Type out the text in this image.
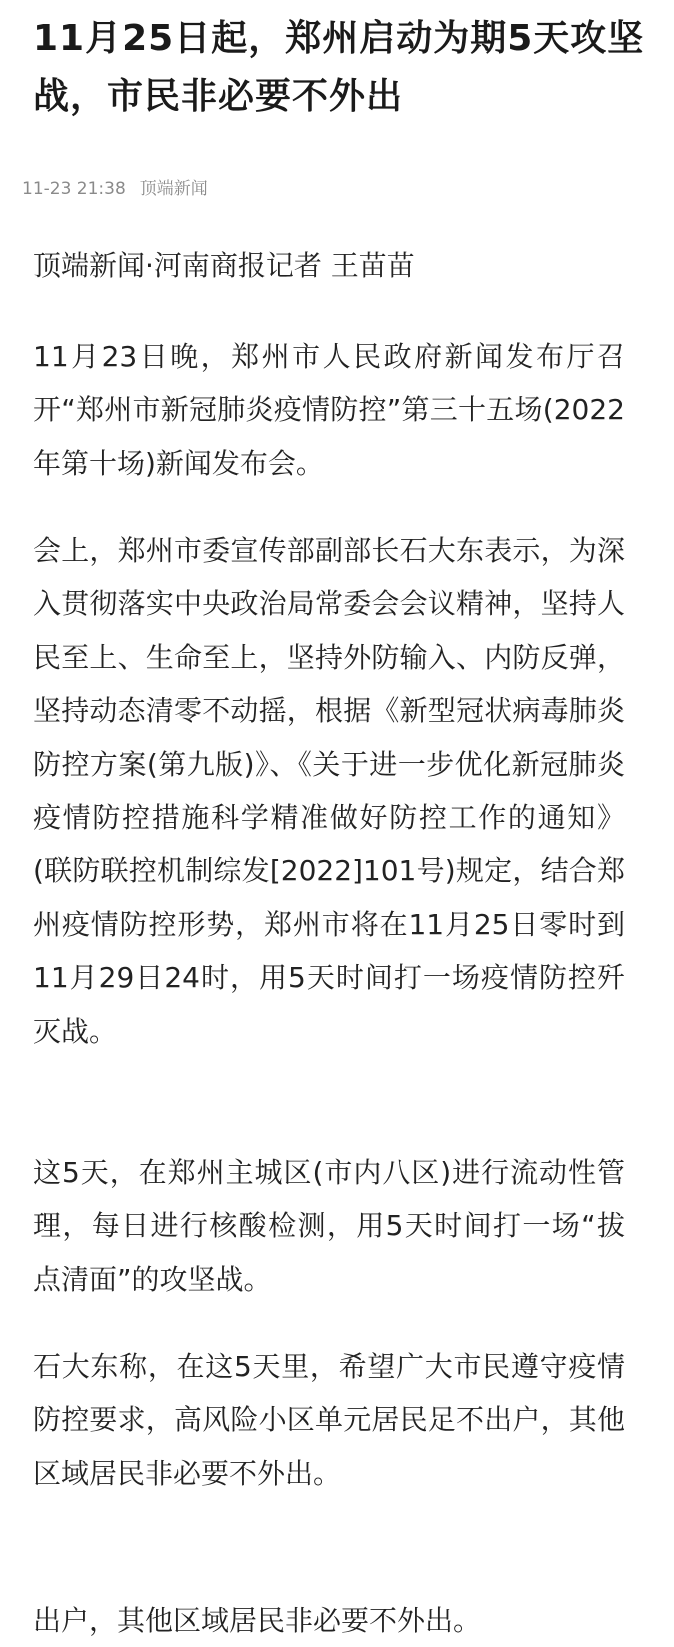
11月25日起，郑州启动为期5天攻坚战，市民非必要不外出
11-23 21:38 顶端新闻
顶端新闻·河南商报记者 王苗苗

11月23日晚，郑州市人民政府新闻发布厅召开“郑州市新冠肺炎疫情防控”第三十五场(2022年第十场)新闻发布会。

会上，郑州市委宣传部副部长石大东表示，为深入贯彻落实中央政治局常委会会议精神，坚持人民至上、生命至上，坚持外防输入、内防反弹，坚持动态清零不动摇，根据《新型冠状病毒肺炎防控方案(第九版)》、《关于进一步优化新冠肺炎疫情防控措施科学精准做好防控工作的通知》(联防联控机制综发[2022]101号)规定，结合郑州疫情防控形势，郑州市将在11月25日零时到11月29日24时，用5天时间打一场疫情防控歼灭战。

这5天，在郑州主城区(市内八区)进行流动性管理，每日进行核酸检测，用5天时间打一场“拔点清面”的攻坚战。

石大东称，在这5天里，希望广大市民遵守疫情防控要求，高风险小区单元居民足不出户，其他区域居民非必要不外出。

出户，其他区域居民非必要不外出。
